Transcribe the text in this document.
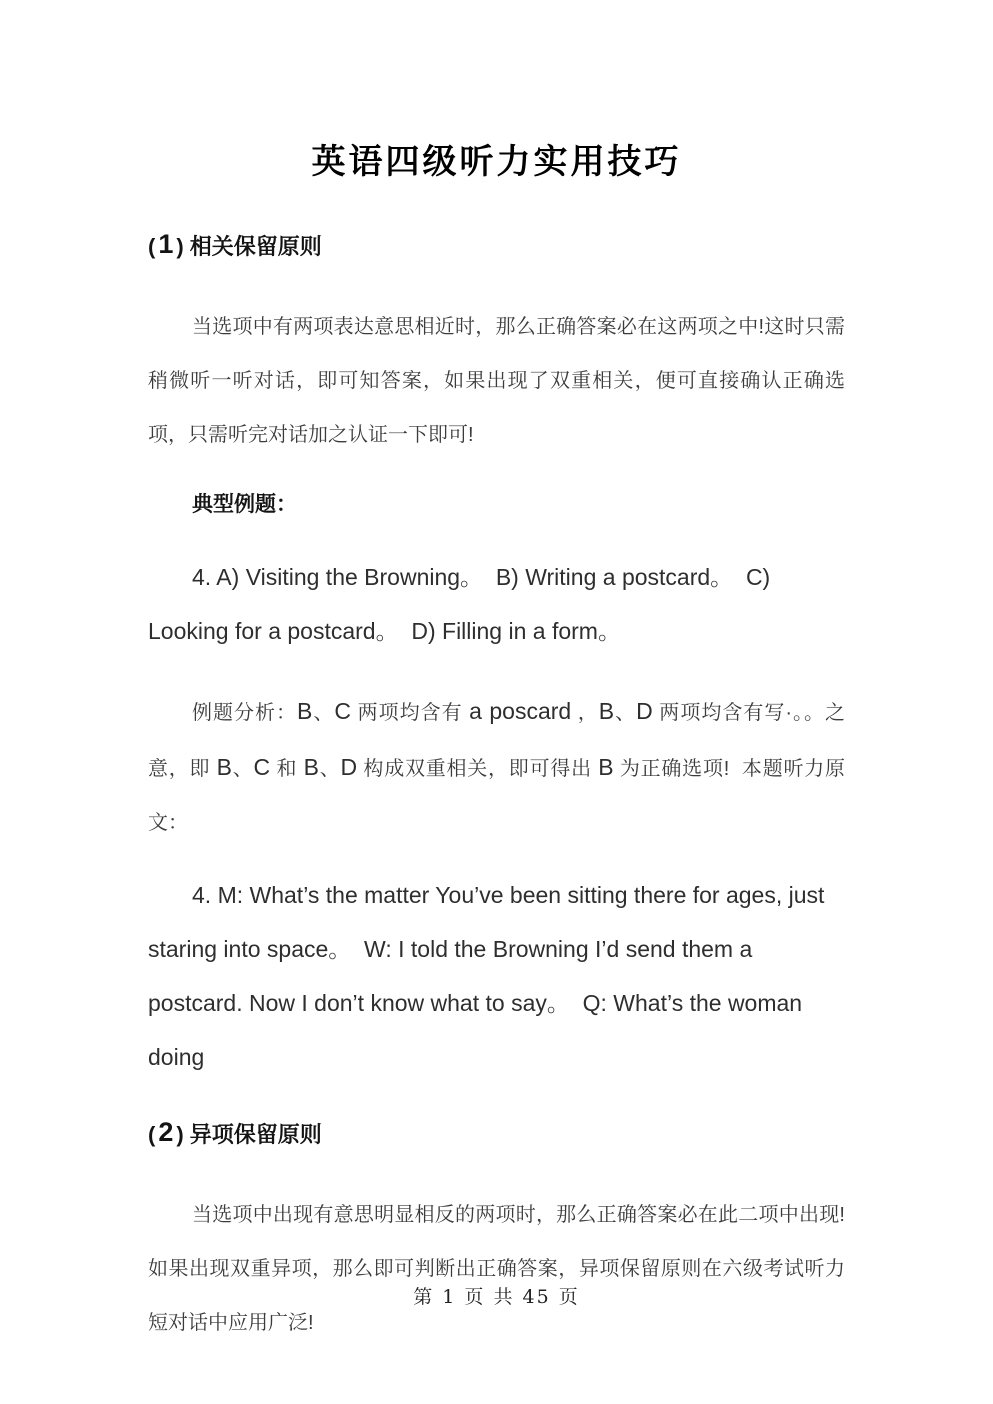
英语四级听力实用技巧
( 1 ) 相关保留原则

当选项中有两项表达意思相近时，那么正确答案必在这两项之中!这时只需稍微听一听对话，即可知答案，如果出现了双重相关，便可直接确认正确选项，只需听完对话加之认证一下即可!

典型例题：

4. A) Visiting the Browning。  B) Writing a postcard。  C) Looking for a postcard。  D) Filling in a form。

例题分析：B、C 两项均含有 a poscard ，B、D 两项均含有写·。。之意，即 B、C 和 B、D 构成双重相关，即可得出 B 为正确选项!  本题听力原文：

4. M: What’s the matter You’ve been sitting there for ages, just staring into space。  W: I told the Browning I’d send them a postcard. Now I don’t know what to say。  Q: What’s the woman doing

( 2 ) 异项保留原则

当选项中出现有意思明显相反的两项时，那么正确答案必在此二项中出现!如果出现双重异项，那么即可判断出正确答案，异项保留原则在六级考试听力短对话中应用广泛!

第 1 页 共 45 页
